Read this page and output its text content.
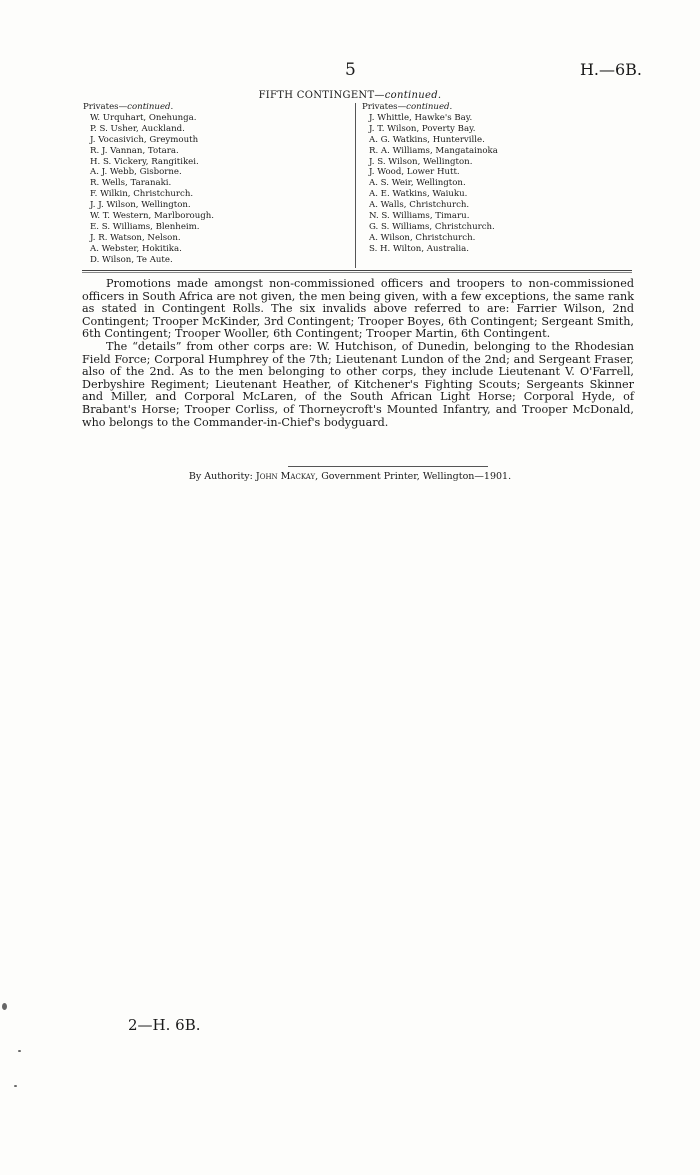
5	H.—6B.
FIFTH CONTINGENT—continued.
Privates—continued.
W. Urquhart, Onehunga.
P. S. Usher, Auckland.
J. Vocasivich, Greymouth
R. J. Vannan, Totara.
H. S. Vickery, Rangitikei.
A. J. Webb, Gisborne.
R. Wells, Taranaki.
F. Wilkin, Christchurch.
J. J. Wilson, Wellington.
W. T. Western, Marlborough.
E. S. Williams, Blenheim.
J. R. Watson, Nelson.
A. Webster, Hokitika.
D. Wilson, Te Aute.
Privates—continued.
J. Whittle, Hawke's Bay.
J. T. Wilson, Poverty Bay.
A. G. Watkins, Hunterville.
R. A. Williams, Mangatainoka
J. S. Wilson, Wellington.
J. Wood, Lower Hutt.
A. S. Weir, Wellington.
A. E. Watkins, Waiuku.
A. Walls, Christchurch.
N. S. Williams, Timaru.
G. S. Williams, Christchurch.
A. Wilson, Christchurch.
S. H. Wilton, Australia.

Promotions made amongst non-commissioned officers and troopers to non-commissioned officers in South Africa are not given, the men being given, with a few exceptions, the same rank as stated in Contingent Rolls. The six invalids above referred to are: Farrier Wilson, 2nd Contingent; Trooper McKinder, 3rd Contingent; Trooper Boyes, 6th Contingent; Sergeant Smith, 6th Contingent; Trooper Wooller, 6th Contingent; Trooper Martin, 6th Contingent.

The “details” from other corps are: W. Hutchison, of Dunedin, belonging to the Rhodesian Field Force; Corporal Humphrey of the 7th; Lieutenant Lundon of the 2nd; and Sergeant Fraser, also of the 2nd. As to the men belonging to other corps, they include Lieutenant V. O'Farrell, Derbyshire Regiment; Lieutenant Heather, of Kitchener's Fighting Scouts; Sergeants Skinner and Miller, and Corporal McLaren, of the South African Light Horse; Corporal Hyde, of Brabant's Horse; Trooper Corliss, of Thorneycroft's Mounted Infantry, and Trooper McDonald, who belongs to the Commander-in-Chief's bodyguard.

By Authority: John Mackay, Government Printer, Wellington—1901.
2—H. 6B.
